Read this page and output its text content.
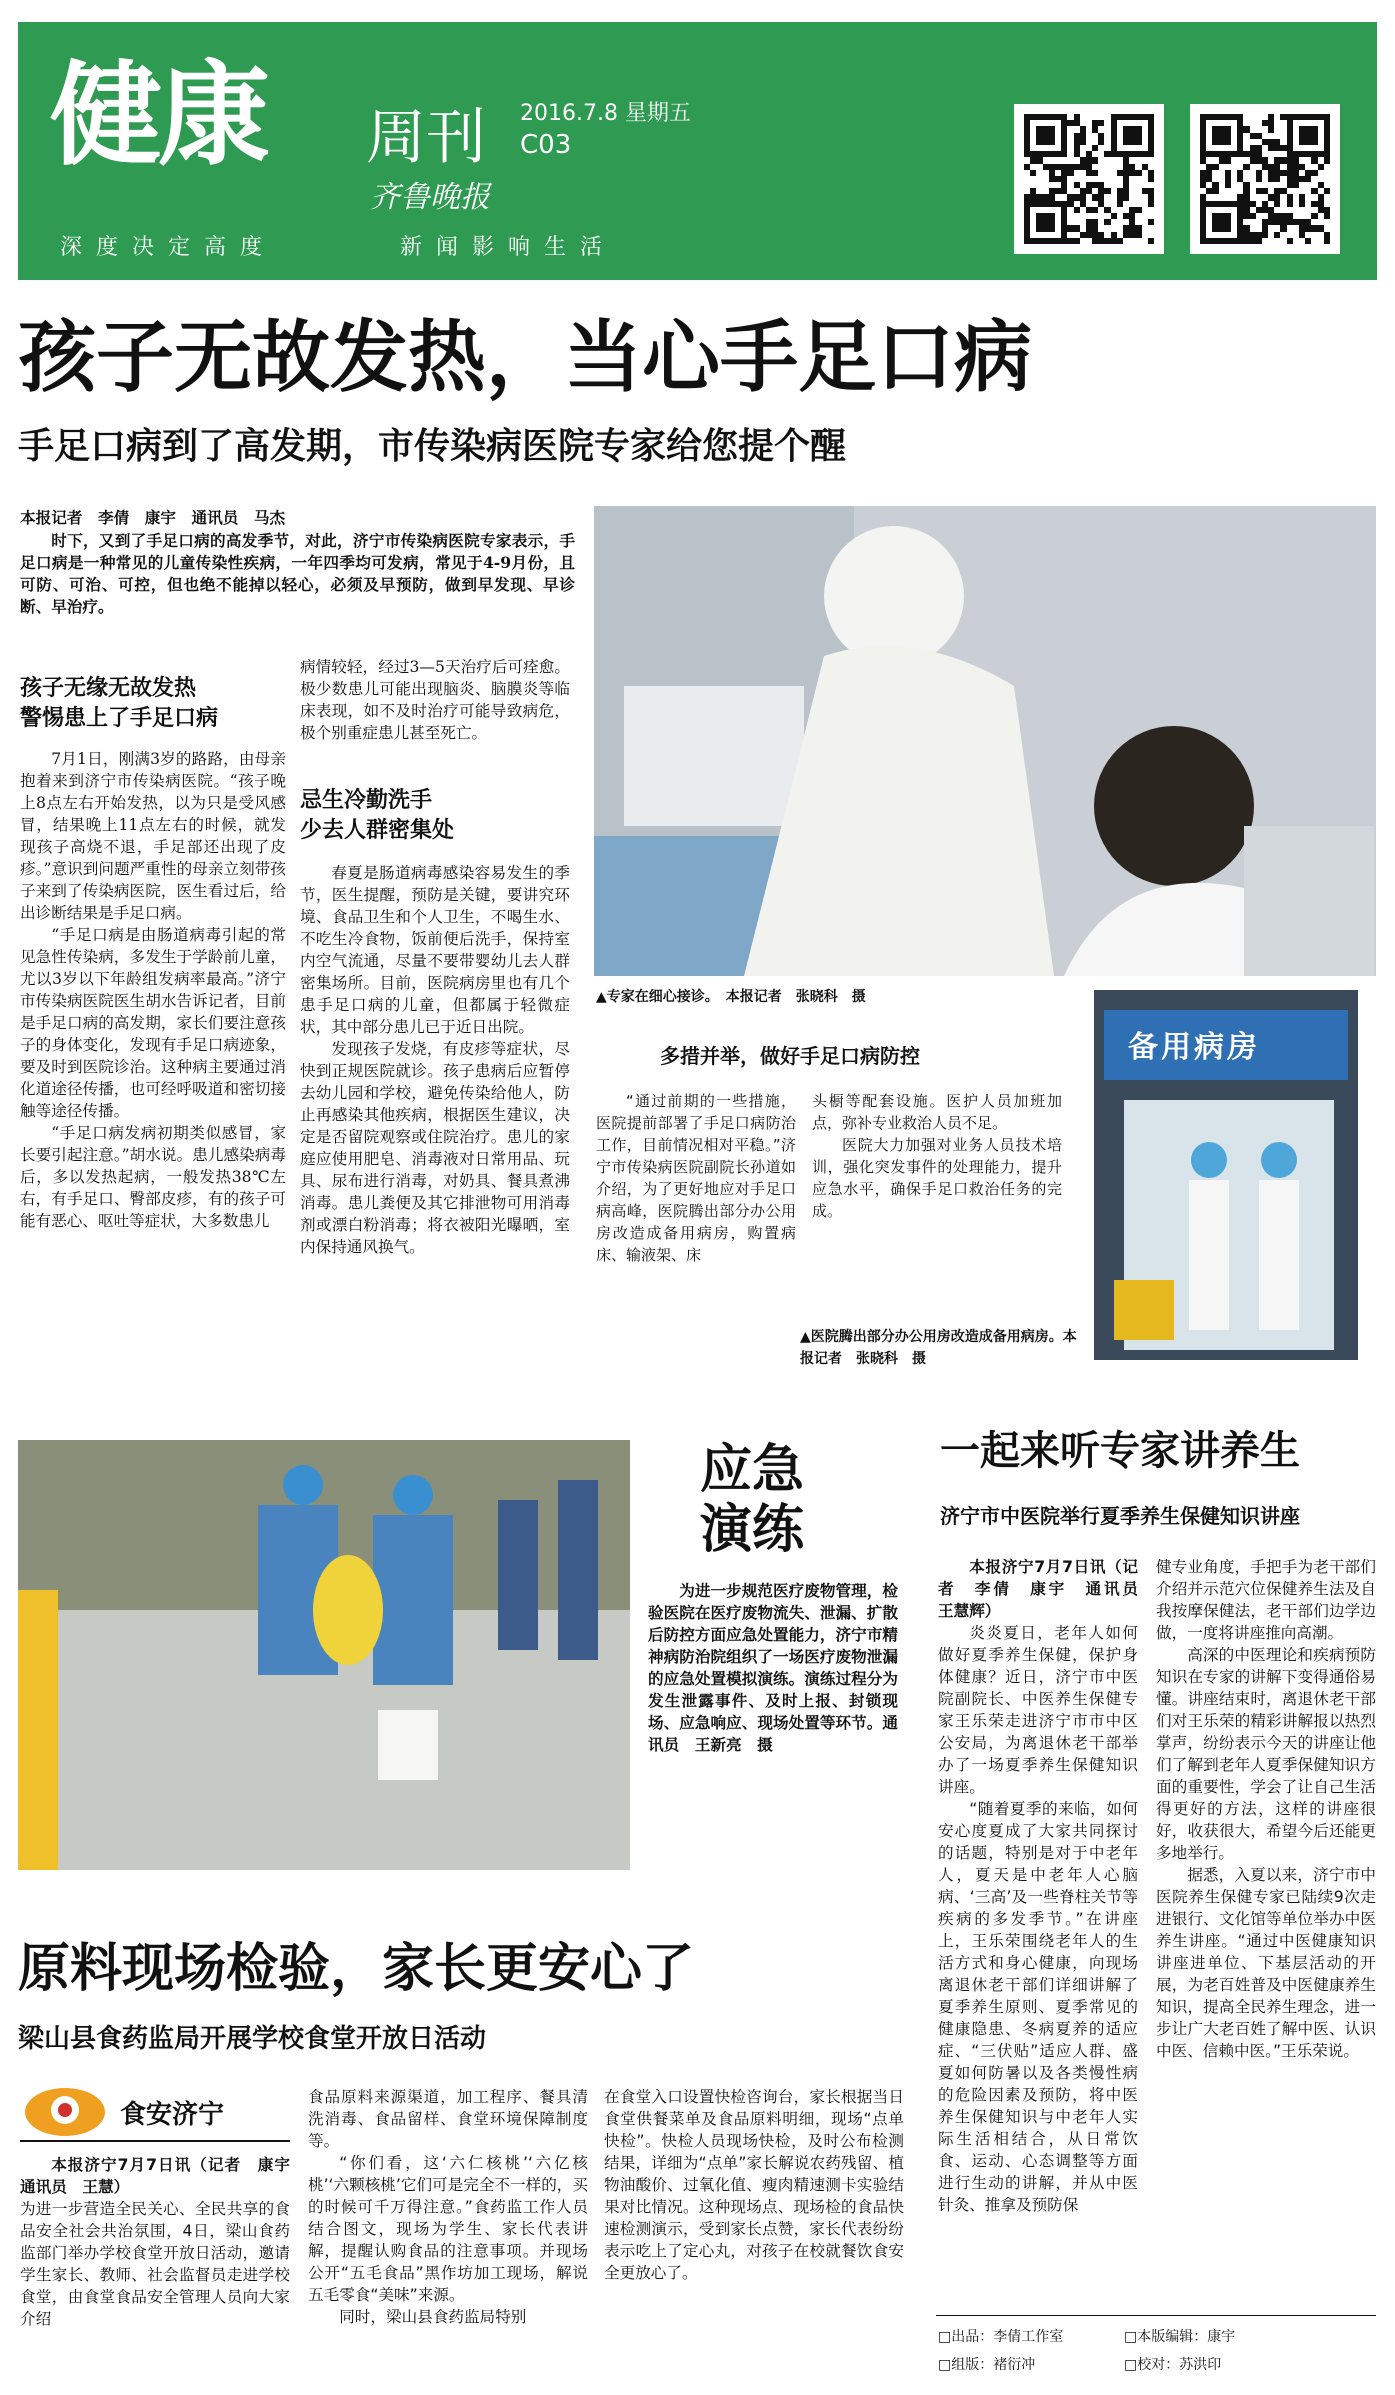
健康 周刊
齐鲁晚报
2016.7.8 星期五
C03
深度决定高度	新闻影响生活
孩子无故发热，当心手足口病
手足口病到了高发期，市传染病医院专家给您提个醒
本报记者　李倩　康宇　通讯员　马杰

时下，又到了手足口病的高发季节，对此，济宁市传染病医院专家表示，手足口病是一种常见的儿童传染性疾病，一年四季均可发病，常见于4-9月份，且可防、可治、可控，但也绝不能掉以轻心，必须及早预防，做到早发现、早诊断、早治疗。

孩子无缘无故发热
警惕患上了手足口病

7月1日，刚满3岁的路路，由母亲抱着来到济宁市传染病医院。“孩子晚上8点左右开始发热，以为只是受风感冒，结果晚上11点左右的时候，就发现孩子高烧不退，手足部还出现了皮疹。”意识到问题严重性的母亲立刻带孩子来到了传染病医院，医生看过后，给出诊断结果是手足口病。

“手足口病是由肠道病毒引起的常见急性传染病，多发生于学龄前儿童，尤以3岁以下年龄组发病率最高。”济宁市传染病医院医生胡水告诉记者，目前是手足口病的高发期，家长们要注意孩子的身体变化，发现有手足口病迹象，要及时到医院诊治。这种病主要通过消化道途径传播，也可经呼吸道和密切接触等途径传播。

“手足口病发病初期类似感冒，家长要引起注意。”胡水说。患儿感染病毒后，多以发热起病，一般发热38℃左右，有手足口、臀部皮疹，有的孩子可能有恶心、呕吐等症状，大多数患儿

病情较轻，经过3—5天治疗后可痊愈。极少数患儿可能出现脑炎、脑膜炎等临床表现，如不及时治疗可能导致病危，极个别重症患儿甚至死亡。

忌生冷勤洗手
少去人群密集处

春夏是肠道病毒感染容易发生的季节，医生提醒，预防是关键，要讲究环境、食品卫生和个人卫生，不喝生水、不吃生冷食物，饭前便后洗手，保持室内空气流通，尽量不要带婴幼儿去人群密集场所。目前，医院病房里也有几个患手足口病的儿童，但都属于轻微症状，其中部分患儿已于近日出院。

发现孩子发烧，有皮疹等症状，尽快到正规医院就诊。孩子患病后应暂停去幼儿园和学校，避免传染给他人，防止再感染其他疾病，根据医生建议，决定是否留院观察或住院治疗。患儿的家庭应使用肥皂、消毒液对日常用品、玩具、尿布进行消毒，对奶具、餐具煮沸消毒。患儿粪便及其它排泄物可用消毒剂或漂白粉消毒；将衣被阳光曝晒，室内保持通风换气。

▲专家在细心接诊。　本报记者　张晓科　摄
多措并举，做好手足口病防控

“通过前期的一些措施，医院提前部署了手足口病防治工作，目前情况相对平稳。”济宁市传染病医院副院长孙道如介绍，为了更好地应对手足口病高峰，医院腾出部分办公用房改造成备用病房，购置病床、输液架、床

头橱等配套设施。医护人员加班加点，弥补专业救治人员不足。

医院大力加强对业务人员技术培训，强化突发事件的处理能力，提升应急水平，确保手足口救治任务的完成。

备用病房
▲医院腾出部分办公用房改造成备用病房。本报记者　张晓科　摄
应急
演练

为进一步规范医疗废物管理，检验医院在医疗废物流失、泄漏、扩散后防控方面应急处置能力，济宁市精神病防治院组织了一场医疗废物泄漏的应急处置模拟演练。演练过程分为发生泄露事件、及时上报、封锁现场、应急响应、现场处置等环节。通讯员　王新亮　摄

一起来听专家讲养生
济宁市中医院举行夏季养生保健知识讲座

本报济宁7月7日讯（记者　李倩　康宇　通讯员　王慧辉）

炎炎夏日，老年人如何做好夏季养生保健，保护身体健康？近日，济宁市中医院副院长、中医养生保健专家王乐荣走进济宁市市中区公安局，为离退休老干部举办了一场夏季养生保健知识讲座。

“随着夏季的来临，如何安心度夏成了大家共同探讨的话题，特别是对于中老年人，夏天是中老年人心脑病、‘三高’及一些脊柱关节等疾病的多发季节。”在讲座上，王乐荣围绕老年人的生活方式和身心健康，向现场离退休老干部们详细讲解了夏季养生原则、夏季常见的健康隐患、冬病夏养的适应症、“三伏贴”适应人群、盛夏如何防暑以及各类慢性病的危险因素及预防，将中医养生保健知识与中老年人实际生活相结合，从日常饮食、运动、心态调整等方面进行生动的讲解，并从中医针灸、推拿及预防保

健专业角度，手把手为老干部们介绍并示范穴位保健养生法及自我按摩保健法，老干部们边学边做，一度将讲座推向高潮。

高深的中医理论和疾病预防知识在专家的讲解下变得通俗易懂。讲座结束时，离退休老干部们对王乐荣的精彩讲解报以热烈掌声，纷纷表示今天的讲座让他们了解到老年人夏季保健知识方面的重要性，学会了让自己生活得更好的方法，这样的讲座很好，收获很大，希望今后还能更多地举行。

据悉，入夏以来，济宁市中医院养生保健专家已陆续9次走进银行、文化馆等单位举办中医养生讲座。“通过中医健康知识讲座进单位、下基层活动的开展，为老百姓普及中医健康养生知识，提高全民养生理念，进一步让广大老百姓了解中医、认识中医、信赖中医。”王乐荣说。

原料现场检验，家长更安心了
梁山县食药监局开展学校食堂开放日活动
食安济宁

本报济宁7月7日讯（记者　康宇　通讯员　王慧）

为进一步营造全民关心、全民共享的食品安全社会共治氛围，4日，梁山食药监部门举办学校食堂开放日活动，邀请学生家长、教师、社会监督员走进学校食堂，由食堂食品安全管理人员向大家介绍

食品原料来源渠道，加工程序、餐具清洗消毒、食品留样、食堂环境保障制度等。

“你们看，这‘六仁核桃’‘六亿核桃’‘六颗核桃’它们可是完全不一样的，买的时候可千万得注意。”食药监工作人员结合图文，现场为学生、家长代表讲解，提醒认购食品的注意事项。并现场公开“五毛食品”黑作坊加工现场，解说五毛零食“美味”来源。

同时，梁山县食药监局特别

在食堂入口设置快检咨询台，家长根据当日食堂供餐菜单及食品原料明细，现场“点单快检”。快检人员现场快检，及时公布检测结果，详细为“点单”家长解说农药残留、植物油酸价、过氧化值、瘦肉精速测卡实验结果对比情况。这种现场点、现场检的食品快速检测演示，受到家长点赞，家长代表纷纷表示吃上了定心丸，对孩子在校就餐饮食安全更放心了。

□出品：李倩工作室	□本版编辑：康宇
□组版：褚衍冲	□校对：苏洪印
